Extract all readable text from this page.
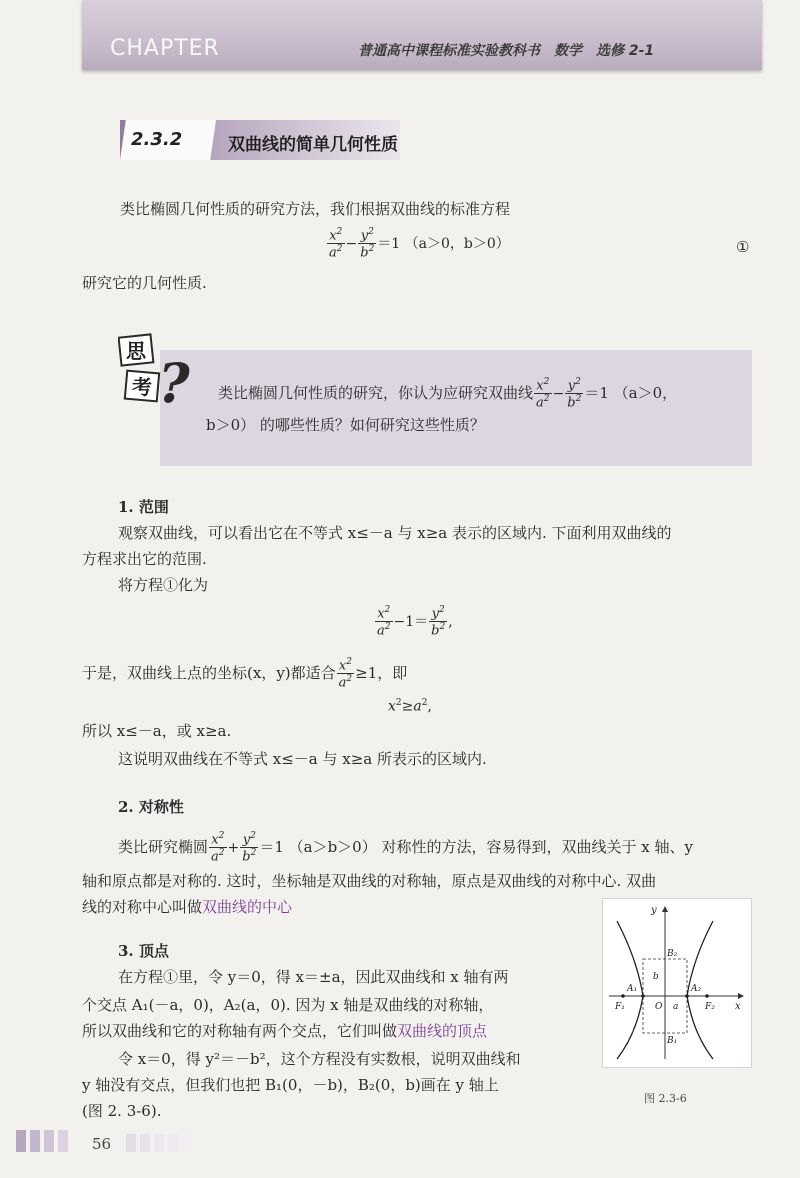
CHAPTER	普通高中课程标准实验教科书　数学　选修 2-1
2.3.2	双曲线的简单几何性质
类比椭圆几何性质的研究方法，我们根据双曲线的标准方程
$\frac{x^2}{a^2} - \frac{y^2}{b^2} =1$ （a＞0，b＞0）	①
研究它的几何性质.
思
考 ? 类比椭圆几何性质的研究，你认为应研究双曲线 $\frac{x^2}{a^2} - \frac{y^2}{b^2} =1$ （a＞0，
b＞0） 的哪些性质？如何研究这些性质？
1. 范围
观察双曲线，可以看出它在不等式 x≤－a 与 x≥a 表示的区域内. 下面利用双曲线的
方程求出它的范围.
将方程①化为
$\frac{x^2}{a^2} -1= \frac{y^2}{b^2}$ ,
于是，双曲线上点的坐标(x，y)都适合 $\frac{x^2}{a^2} \ge 1$，即
$x^2\ge a^2$,
所以 x≤－a，或 x≥a.
这说明双曲线在不等式 x≤－a 与 x≥a 所表示的区域内.
2. 对称性
类比研究椭圆 $\frac{x^2}{a^2} + \frac{y^2}{b^2} =1$ （a＞b＞0） 对称性的方法，容易得到，双曲线关于 x 轴、y
轴和原点都是对称的. 这时，坐标轴是双曲线的对称轴，原点是双曲线的对称中心. 双曲
线的对称中心叫做双曲线的中心
3. 顶点
在方程①里，令 y＝0，得 x＝±a，因此双曲线和 x 轴有两
个交点 A₁(－a，0)，A₂(a，0). 因为 x 轴是双曲线的对称轴，
所以双曲线和它的对称轴有两个交点，它们叫做双曲线的顶点
令 x＝0，得 y²＝－b²，这个方程没有实数根，说明双曲线和
y 轴没有交点，但我们也把 B₁(0，－b)，B₂(0，b)画在 y 轴上
(图 2. 3-6).
y
x
B₂
B₁
A₁	A₂
F₁	F₂
O a
b
图 2.3-6
56
